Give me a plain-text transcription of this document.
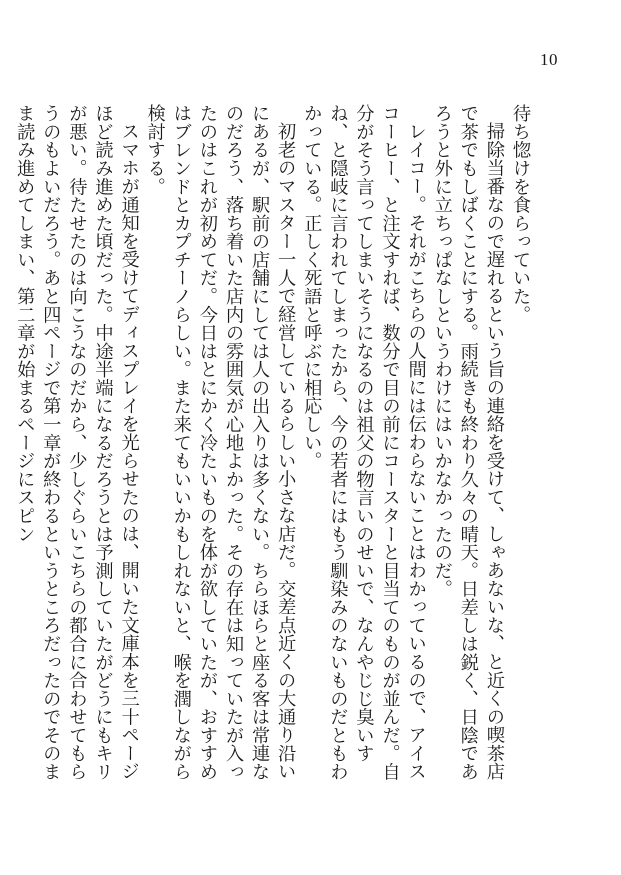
10

待ち惚けを食らっていた。

掃除当番なので遅れるという旨の連絡を受けて、しゃあないな、と近くの喫茶店で茶でもしばくことにする。雨続きも終わり久々の晴天。日差しは鋭く、日陰であろうと外に立ちっぱなしというわけにはいかなかったのだ。

レイコー。それがこちらの人間には伝わらないことはわかっているので、アイスコーヒー、と注文すれば、数分で目の前にコースターと目当てのものが並んだ。自分がそう言ってしまいそうになるのは祖父の物言いのせいで、なんやじじ臭いすね、と隠岐に言われてしまったから、今の若者にはもう馴染みのないものだともわかっている。正しく死語と呼ぶに相応しい。

初老のマスター一人で経営しているらしい小さな店だ。交差点近くの大通り沿いにあるが、駅前の店舗にしては人の出入りは多くない。ちらほらと座る客は常連なのだろう、落ち着いた店内の雰囲気が心地よかった。その存在は知っていたが入ったのはこれが初めてだ。今日はとにかく冷たいものを体が欲していたが、おすすめはブレンドとカプチーノらしい。また来てもいいかもしれないと、喉を潤しながら検討する。

スマホが通知を受けてディスプレイを光らせたのは、開いた文庫本を三十ページほど読み進めた頃だった。中途半端になるだろうとは予測していたがどうにもキリが悪い。待たせたのは向こうなのだから、少しぐらいこちらの都合に合わせてもらうのもよいだろう。あと四ページで第一章が終わるというところだったのでそのまま読み進めてしまい、第二章が始まるページにスピン
